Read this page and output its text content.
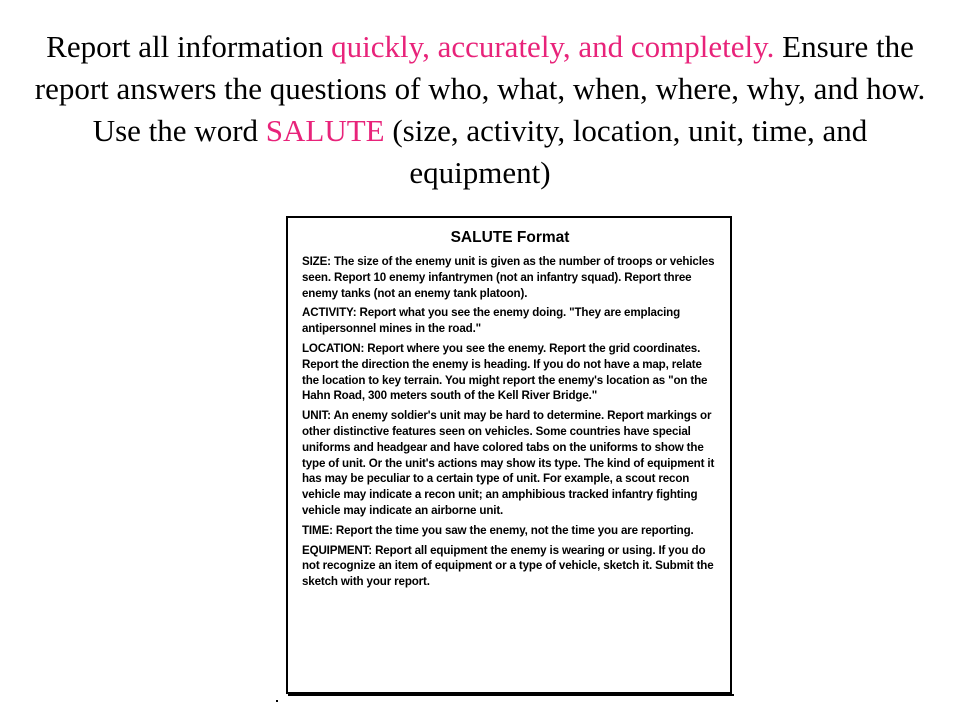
Report all information quickly, accurately, and completely. Ensure the report answers the questions of who, what, when, where, why, and how. Use the word SALUTE (size, activity, location, unit, time, and equipment)

SALUTE Format

SIZE: The size of the enemy unit is given as the number of troops or vehicles seen. Report 10 enemy infantrymen (not an infantry squad). Report three enemy tanks (not an enemy tank platoon).

ACTIVITY: Report what you see the enemy doing. "They are emplacing antipersonnel mines in the road."

LOCATION: Report where you see the enemy. Report the grid coordinates. Report the direction the enemy is heading. If you do not have a map, relate the location to key terrain. You might report the enemy's location as "on the Hahn Road, 300 meters south of the Kell River Bridge."

UNIT: An enemy soldier's unit may be hard to determine. Report markings or other distinctive features seen on vehicles. Some countries have special uniforms and headgear and have colored tabs on the uniforms to show the type of unit. Or the unit's actions may show its type. The kind of equipment it has may be peculiar to a certain type of unit. For example, a scout recon vehicle may indicate a recon unit; an amphibious tracked infantry fighting vehicle may indicate an airborne unit.

TIME: Report the time you saw the enemy, not the time you are reporting.

EQUIPMENT: Report all equipment the enemy is wearing or using. If you do not recognize an item of equipment or a type of vehicle, sketch it. Submit the sketch with your report.
